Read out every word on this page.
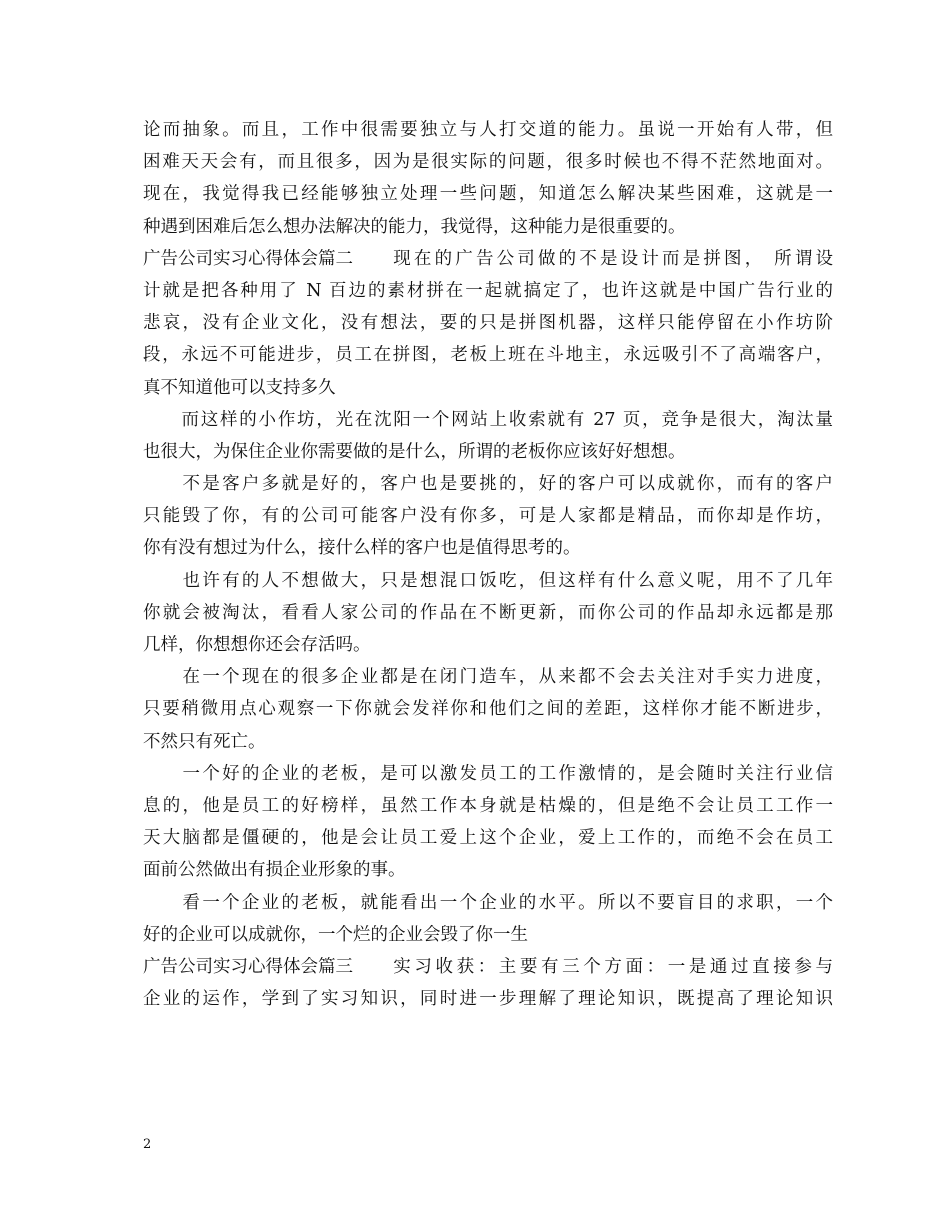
论而抽象。而且，工作中很需要独立与人打交道的能力。虽说一开始有人带，但
困难天天会有，而且很多，因为是很实际的问题，很多时候也不得不茫然地面对。
现在，我觉得我已经能够独立处理一些问题，知道怎么解决某些困难，这就是一
种遇到困难后怎么想办法解决的能力，我觉得，这种能力是很重要的。
广告公司实习心得体会篇二 现在的广告公司做的不是设计而是拼图， 所谓设
计就是把各种用了 N 百边的素材拼在一起就搞定了，也许这就是中国广告行业的
悲哀，没有企业文化，没有想法，要的只是拼图机器，这样只能停留在小作坊阶
段，永远不可能进步，员工在拼图，老板上班在斗地主，永远吸引不了高端客户，
真不知道他可以支持多久
　　而这样的小作坊，光在沈阳一个网站上收索就有 27 页，竞争是很大，淘汰量
也很大，为保住企业你需要做的是什么，所谓的老板你应该好好想想。
　　不是客户多就是好的，客户也是要挑的，好的客户可以成就你，而有的客户
只能毁了你，有的公司可能客户没有你多，可是人家都是精品，而你却是作坊，
你有没有想过为什么，接什么样的客户也是值得思考的。
　　也许有的人不想做大，只是想混口饭吃，但这样有什么意义呢，用不了几年
你就会被淘汰，看看人家公司的作品在不断更新，而你公司的作品却永远都是那
几样，你想想你还会存活吗。
　　在一个现在的很多企业都是在闭门造车，从来都不会去关注对手实力进度，
只要稍微用点心观察一下你就会发祥你和他们之间的差距，这样你才能不断进步，
不然只有死亡。
　　一个好的企业的老板，是可以激发员工的工作激情的，是会随时关注行业信
息的，他是员工的好榜样，虽然工作本身就是枯燥的，但是绝不会让员工工作一
天大脑都是僵硬的，他是会让员工爱上这个企业，爱上工作的，而绝不会在员工
面前公然做出有损企业形象的事。
　　看一个企业的老板，就能看出一个企业的水平。所以不要盲目的求职，一个
好的企业可以成就你，一个烂的企业会毁了你一生
广告公司实习心得体会篇三 实习收获：主要有三个方面：一是通过直接参与
企业的运作，学到了实习知识，同时进一步理解了理论知识，既提高了理论知识
2
